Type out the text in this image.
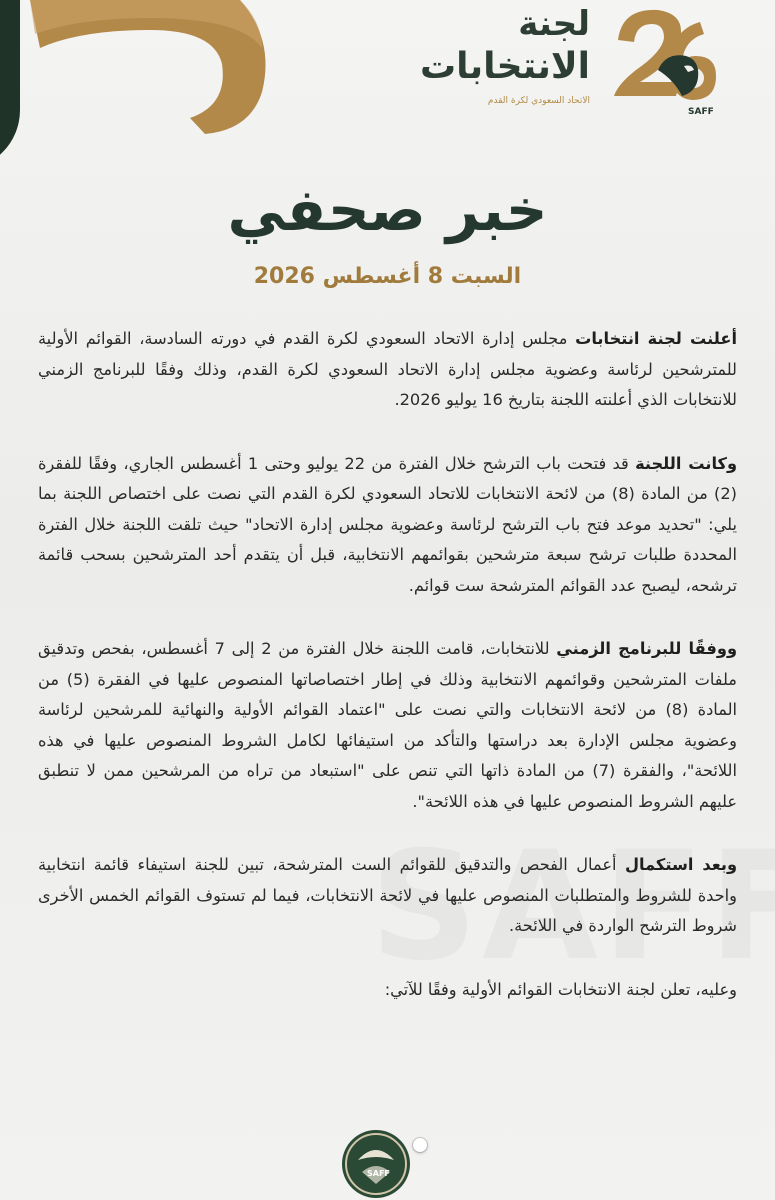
لجنة
الانتخابات
الاتحاد السعودي لكرة القدم
SAFF
خبر صحفي
السبت 8 أغسطس 2026

أعلنت لجنة انتخابات مجلس إدارة الاتحاد السعودي لكرة القدم في دورته السادسة، القوائم الأولية للمترشحين لرئاسة وعضوية مجلس إدارة الاتحاد السعودي لكرة القدم، وذلك وفقًا للبرنامج الزمني للانتخابات الذي أعلنته اللجنة بتاريخ 16 يوليو 2026.

وكانت اللجنة قد فتحت باب الترشح خلال الفترة من 22 يوليو وحتى 1 أغسطس الجاري، وفقًا للفقرة (2) من المادة (8) من لائحة الانتخابات للاتحاد السعودي لكرة القدم التي نصت على اختصاص اللجنة بما يلي: "تحديد موعد فتح باب الترشح لرئاسة وعضوية مجلس إدارة الاتحاد" حيث تلقت اللجنة خلال الفترة المحددة طلبات ترشح سبعة مترشحين بقوائمهم الانتخابية، قبل أن يتقدم أحد المترشحين بسحب قائمة ترشحه، ليصبح عدد القوائم المترشحة ست قوائم.

ووفقًا للبرنامج الزمني للانتخابات، قامت اللجنة خلال الفترة من 2 إلى 7 أغسطس، بفحص وتدقيق ملفات المترشحين وقوائمهم الانتخابية وذلك في إطار اختصاصاتها المنصوص عليها في الفقرة (5) من المادة (8) من لائحة الانتخابات والتي نصت على "اعتماد القوائم الأولية والنهائية للمرشحين لرئاسة وعضوية مجلس الإدارة بعد دراستها والتأكد من استيفائها لكامل الشروط المنصوص عليها في هذه اللائحة"، والفقرة (7) من المادة ذاتها التي تنص على "استبعاد من تراه من المرشحين ممن لا تنطبق عليهم الشروط المنصوص عليها في هذه اللائحة".

وبعد استكمال أعمال الفحص والتدقيق للقوائم الست المترشحة، تبين للجنة استيفاء قائمة انتخابية واحدة للشروط والمتطلبات المنصوص عليها في لائحة الانتخابات، فيما لم تستوف القوائم الخمس الأخرى شروط الترشح الواردة في اللائحة.

وعليه، تعلن لجنة الانتخابات القوائم الأولية وفقًا للآتي:

SAFF
